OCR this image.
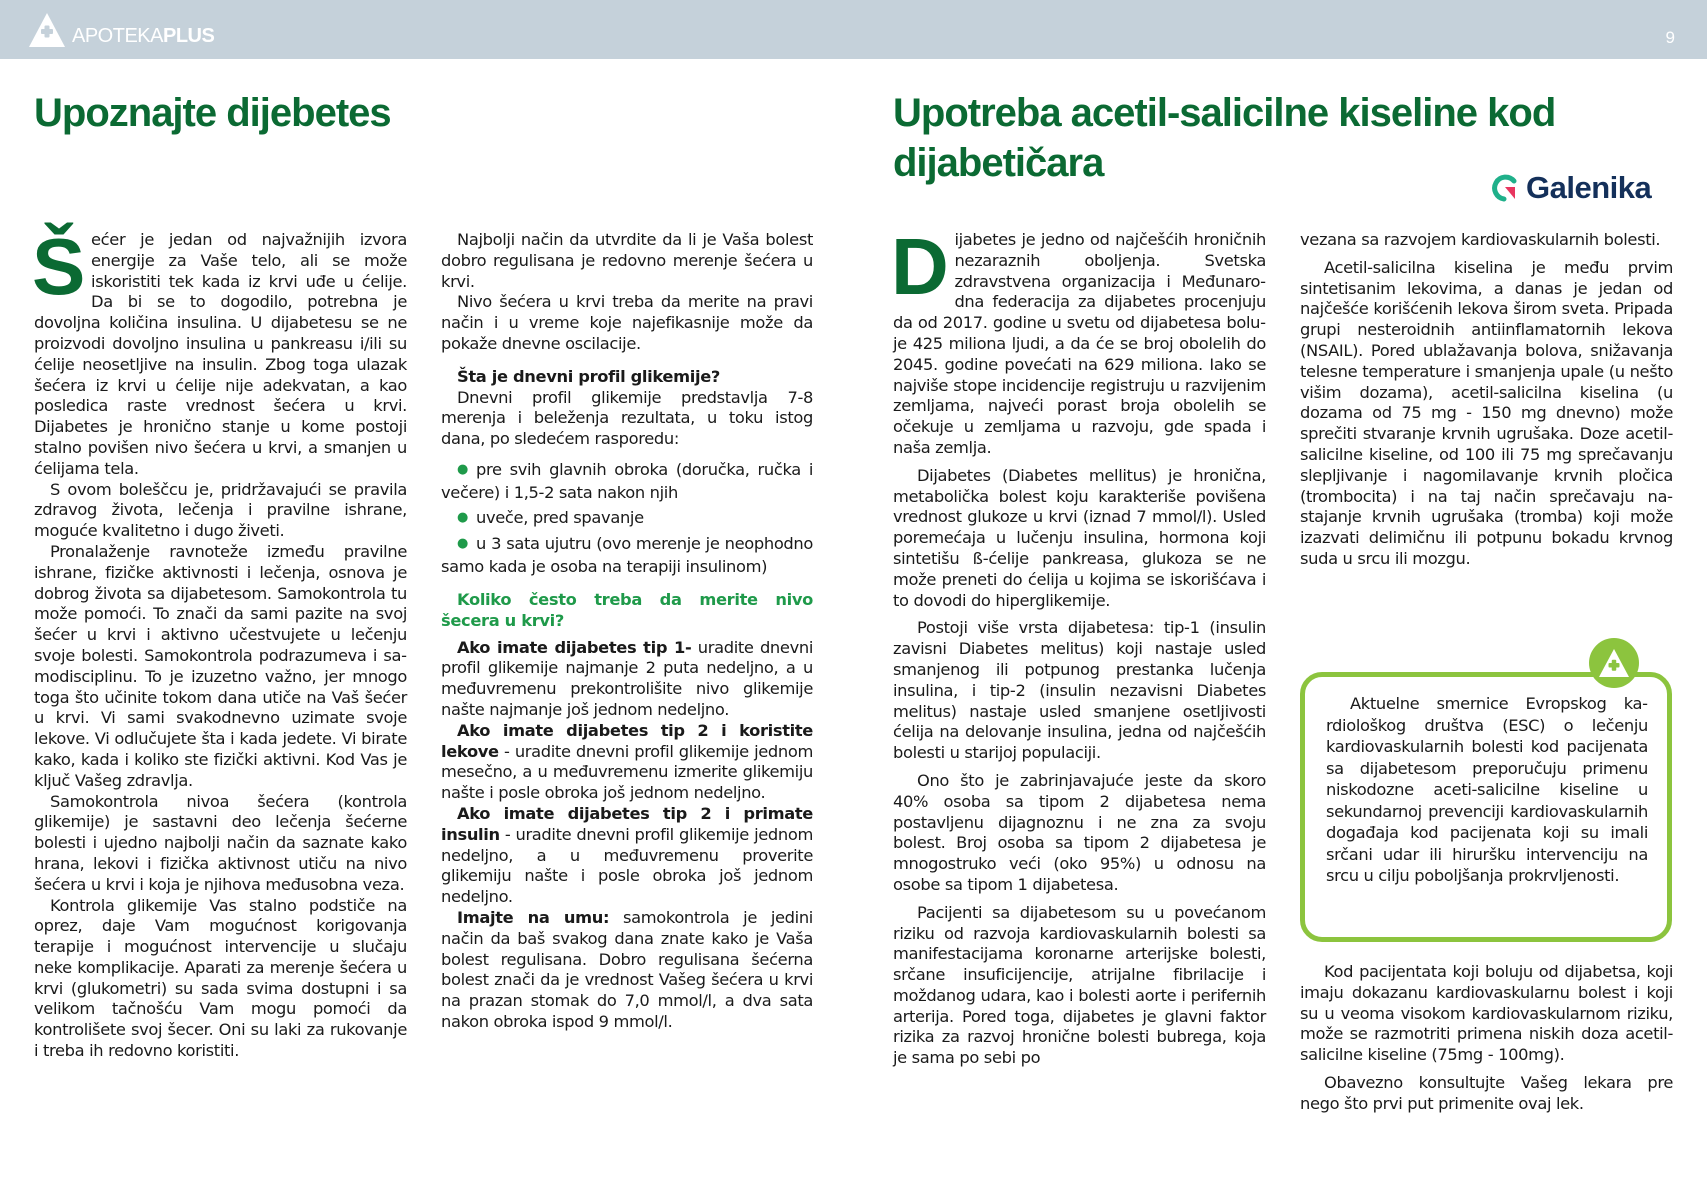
APOTEKAPLUS	9
Upoznajte dijebetes	Upotreba acetil-salicilne kiseline kod dijabetičara
Galenika

Šećer je jedan od najvažnijih izvora energije za Vaše telo, ali se može iskoristiti tek kada iz krvi uđe u ćelije. Da bi se to dogodilo, potrebna je dovoljna količina insulina. U dijabetesu se ne proizvodi dovoljno insulina u pankreasu i/ili su ćelije neosetljive na insulin. Zbog toga ulazak šećera iz krvi u ćelije nije adekvatan, a kao posledica raste vrednost šećera u krvi. Dijabetes je hronično stanje u kome postoji stalno povišen nivo šećera u krvi, a smanjen u ćelijama tela.

S ovom boleščcu je, pridržavajući se pravila zdravog života, lečenja i pravilne ishrane, moguće kvalitetno i dugo živeti.

Pronalaženje ravnoteže između pravilne ishrane, fizičke aktivnosti i lečenja, osnova je dobrog života sa dijabetesom. Samokontrola tu može pomoći. To znači da sami pazite na svoj šećer u krvi i aktivno učestvujete u lečenju svoje bolesti. Samokontrola podrazumeva i samodisciplinu. To je izuzetno važno, jer mnogo toga što učinite tokom dana utiče na Vaš šećer u krvi. Vi sami svakodnevno uzimate svoje lekove. Vi odlučujete šta i kada jedete. Vi birate kako, kada i koliko ste fizički aktivni. Kod Vas je ključ Vašeg zdravlja.

Samokontrola nivoa šećera (kontrola glikemije) je sastavni deo lečenja šećerne bolesti i ujedno najbolji način da saznate kako hrana, lekovi i fizička aktivnost utiču na nivo šećera u krvi i koja je njihova međusobna veza.

Kontrola glikemije Vas stalno podstiče na oprez, daje Vam mogućnost korigovanja terapije i mogućnost intervencije u slučaju neke komplikacije. Aparati za merenje šećera u krvi (glukometri) su sada svima dostupni i sa velikom tačnošću Vam mogu pomoći da kontrolišete svoj šecer. Oni su laki za rukovanje i treba ih redovno koristiti.

Najbolji način da utvrdite da li je Vaša bolest dobro regulisana je redovno merenje šećera u krvi.

Nivo šećera u krvi treba da merite na pravi način i u vreme koje najefikasnije može da pokaže dnevne oscilacije.

Šta je dnevni profil glikemije?

Dnevni profil glikemije predstavlja 7-8 merenja i beleženja rezultata, u toku istog dana, po sledećem rasporedu:

● pre svih glavnih obroka (doručka, ručka i večere) i 1,5-2 sata nakon njih

● uveče, pred spavanje

● u 3 sata ujutru (ovo merenje je neophodno samo kada je osoba na terapiji insulinom)

Koliko često treba da merite nivo šecera u krvi?

Ako imate dijabetes tip 1- uradite dnevni profil glikemije najmanje 2 puta nedeljno, a u međuvremenu prekontrolišite nivo glikemije našte najmanje još jednom nedeljno.

Ako imate dijabetes tip 2 i koristite lekove - uradite dnevni profil glikemije jednom mesečno, a u međuvremenu izmerite glikemiju našte i posle obroka još jednom nedeljno.

Ako imate dijabetes tip 2 i primate insulin - uradite dnevni profil glikemije jednom nedeljno, a u međuvremenu proverite glikemiju našte i posle obroka još jednom nedeljno.

Imajte na umu: samokontrola je jedini način da baš svakog dana znate kako je Vaša bolest regulisana. Dobro regulisana šećerna bolest znači da je vrednost Vašeg šećera u krvi na prazan stomak do 7,0 mmol/l, a dva sata nakon obroka ispod 9 mmol/l.

Dijabetes je jedno od najčešćih hroničnih nezaraznih oboljenja. Svetska zdravstvena organizacija i Međunarodna federacija za dijabetes procenjuju da od 2017. godine u svetu od dijabetesa boluje 425 miliona ljudi, a da će se broj obolelih do 2045. godine povećati na 629 miliona. Iako se najviše stope incidencije registruju u razvijenim zemljama, najveći porast broja obolelih se očekuje u zemljama u razvoju, gde spada i naša zemlja.

Dijabetes (Diabetes mellitus) je hronična, metabolička bolest koju karakteriše povišena vrednost glukoze u krvi (iznad 7 mmol/l). Usled poremećaja u lučenju insulina, hormona koji sintetišu ß-ćelije pankreasa, glukoza se ne može preneti do ćelija u kojima se iskorišćava i to dovodi do hiperglikemije.

Postoji više vrsta dijabetesa: tip-1 (insulin zavisni Diabetes melitus) koji nastaje usled smanjenog ili potpunog prestanka lučenja insulina, i tip-2 (insulin nezavisni Diabetes melitus) nastaje usled smanjene osetljivosti ćelija na delovanje insulina, jedna od najčešćih bolesti u starijoj populaciji.

Ono što je zabrinjavajuće jeste da skoro 40% osoba sa tipom 2 dijabetesa nema postavljenu dijagnoznu i ne zna za svoju bolest. Broj osoba sa tipom 2 dijabetesa je mnogostruko veći (oko 95%) u odnosu na osobe sa tipom 1 dijabetesa.

Pacijenti sa dijabetesom su u povećanom riziku od razvoja kardiovaskularnih bolesti sa manifestacijama koronarne arterijske bolesti, srčane insuficijencije, atrijalne fibrilacije i moždanog udara, kao i bolesti aorte i perifernih arterija. Pored toga, dijabetes je glavni faktor rizika za razvoj hronične bolesti bubrega, koja je sama po sebi po

vezana sa razvojem kardiovaskularnih bolesti.

Acetil-salicilna kiselina je među prvim sintetisanim lekovima, a danas je jedan od najčešće korišćenih lekova širom sveta. Pripada grupi nesteroidnih antiinflamatornih lekova (NSAIL). Pored ublažavanja bolova, snižavanja telesne temperature i smanjenja upale (u nešto višim dozama), acetil-salicilna kiselina (u dozama od 75 mg - 150 mg dnevno) može sprečiti stvaranje krvnih ugrušaka. Doze acetil-salicilne kiseline, od 100 ili 75 mg sprečavanju slepljivanje i nagomilavanje krvnih pločica (trombocita) i na taj način sprečavaju nastajanje krvnih ugrušaka (tromba) koji može izazvati delimičnu ili potpunu bokadu krvnog suda u srcu ili mozgu.

Aktuelne smernice Evropskog kardiološkog društva (ESC) o lečenju kardiovaskularnih bolesti kod pacijenata sa dijabetesom preporučuju primenu niskodozne aceti-salicilne kiseline u sekundarnoj prevenciji kardiovaskularnih događaja kod pacijenata koji su imali srčani udar ili hiruršku intervenciju na srcu u cilju poboljšanja prokrvljenosti.

Kod pacijentata koji boluju od dijabetsa, koji imaju dokazanu kardiovaskularnu bolest i koji su u veoma visokom kardiovaskularnom riziku, može se razmotriti primena niskih doza acetil-salicilne kiseline (75mg - 100mg).

Obavezno konsultujte Vašeg lekara pre nego što prvi put primenite ovaj lek.
